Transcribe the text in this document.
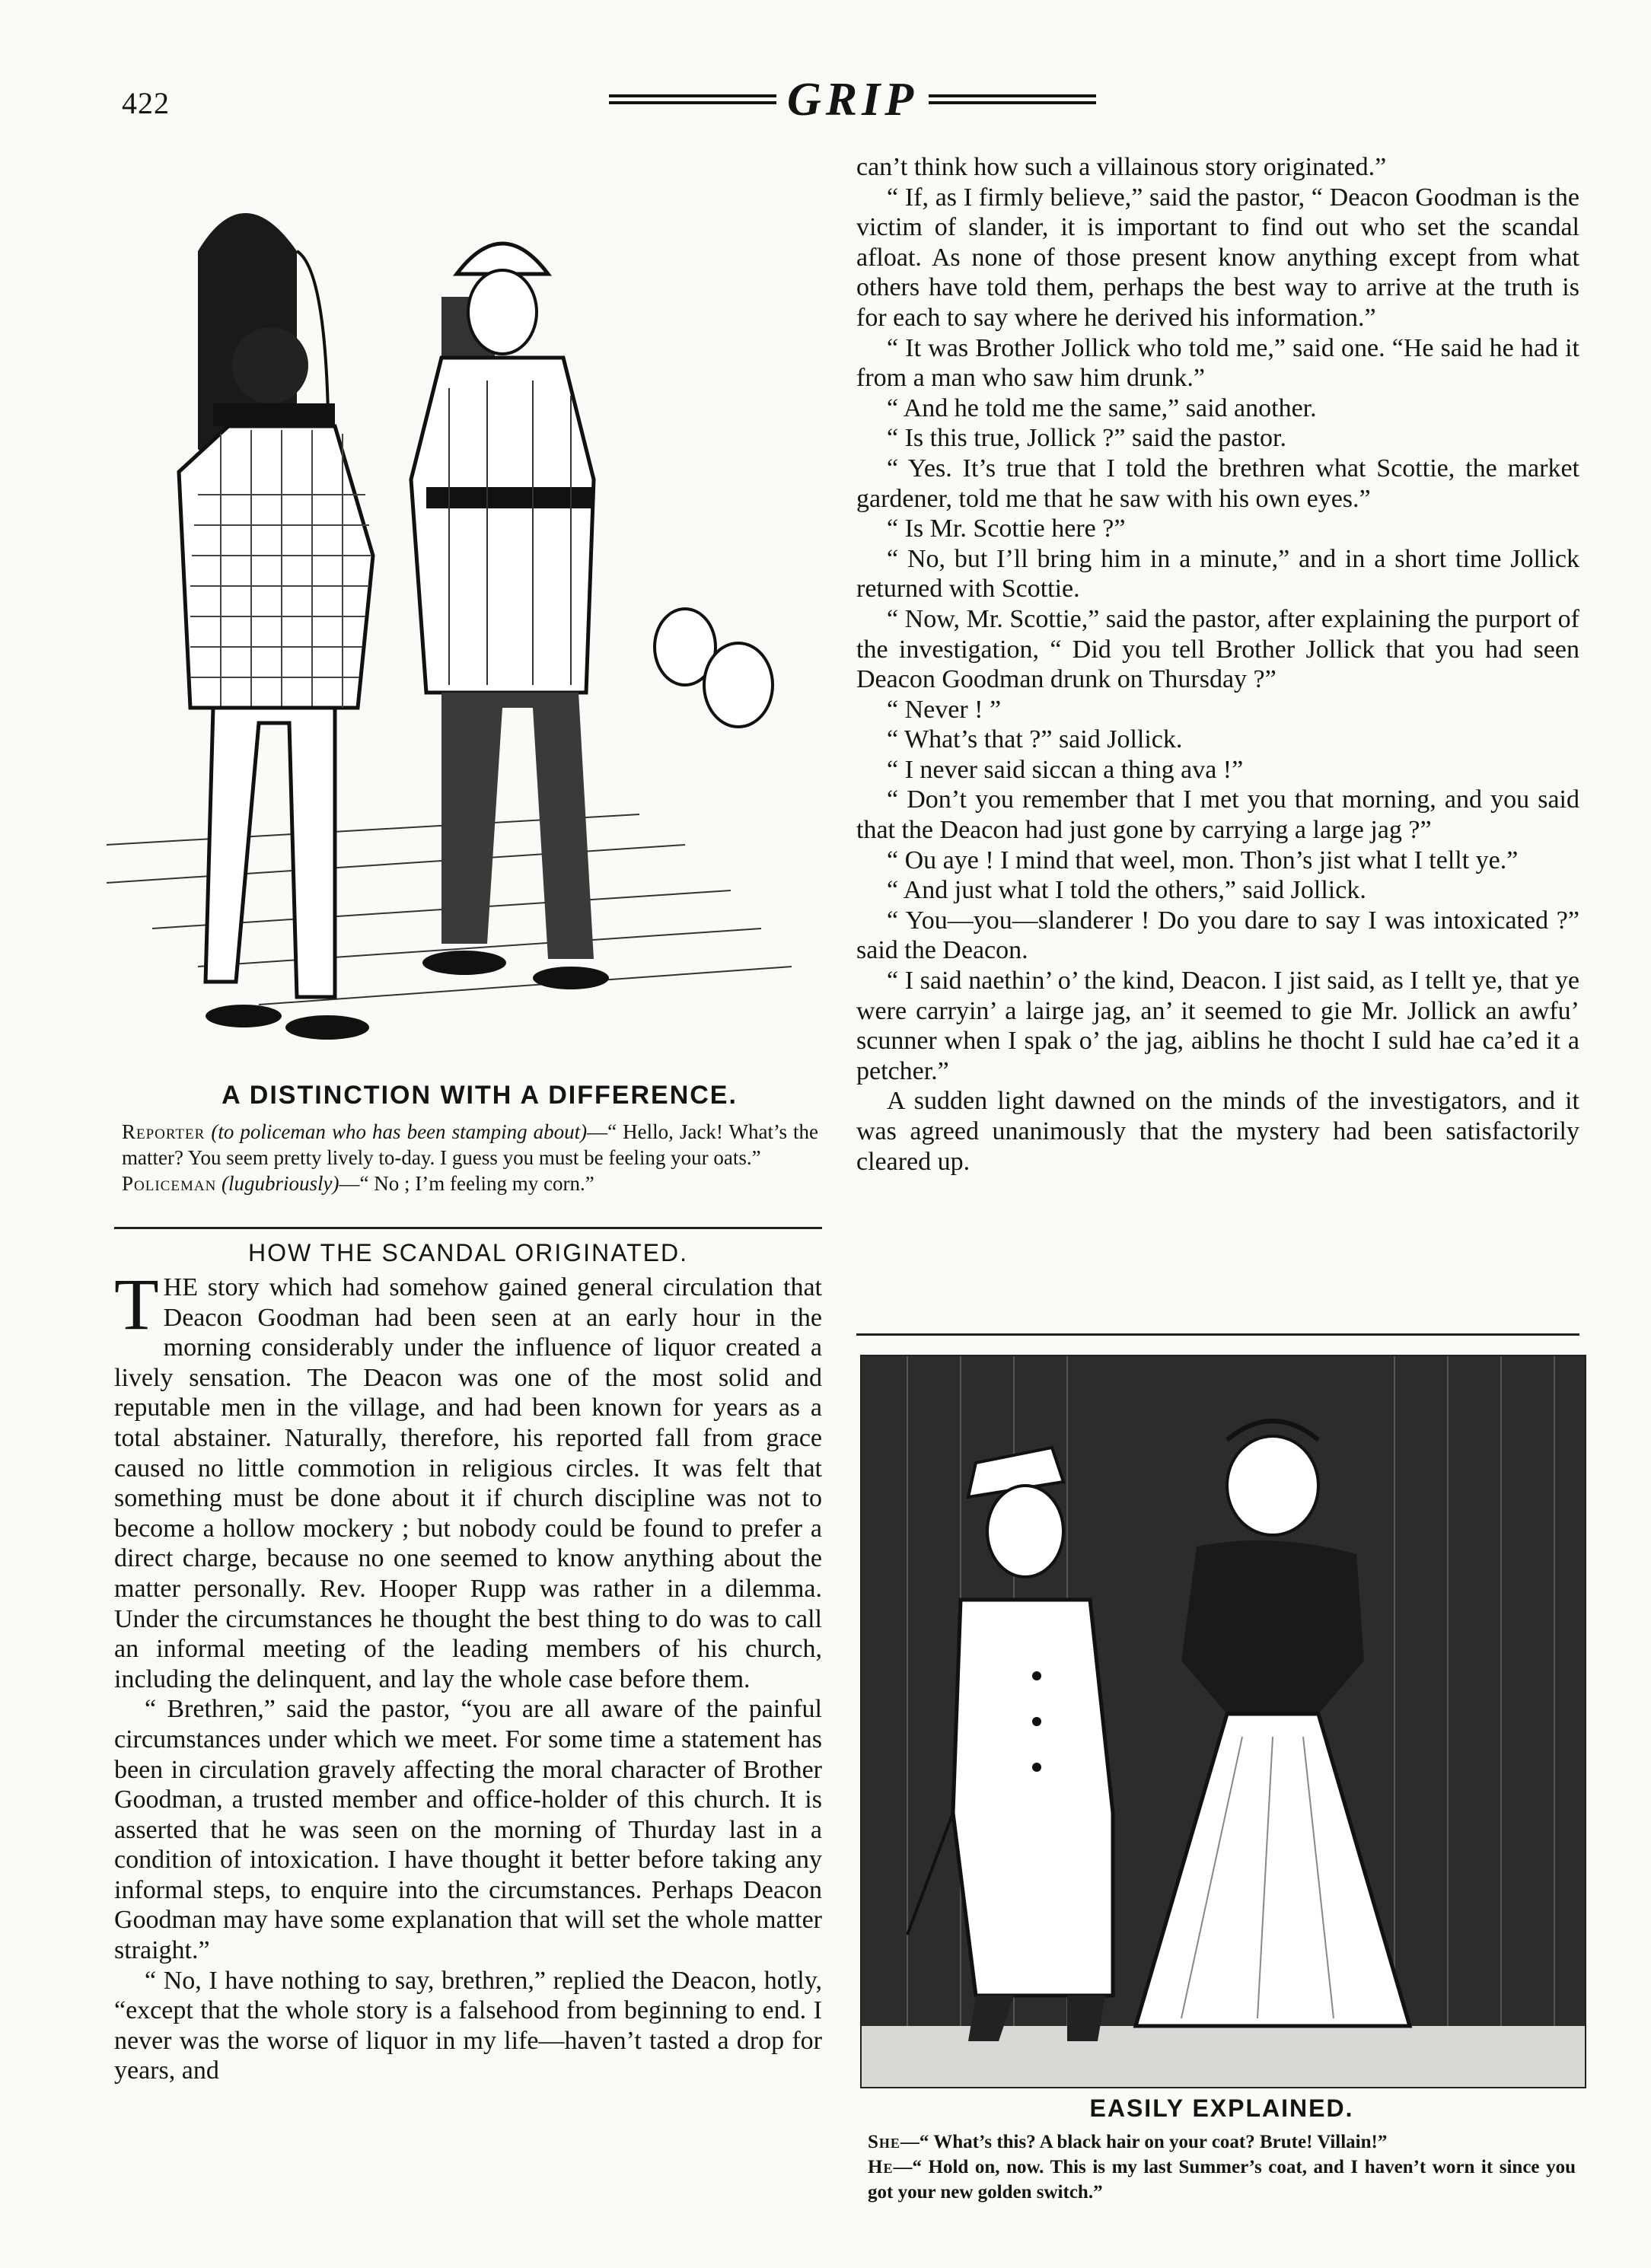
422	GRIP
A DISTINCTION WITH A DIFFERENCE.

Reporter (to policeman who has been stamping about)—“ Hello, Jack! What’s the matter? You seem pretty lively to-day. I guess you must be feeling your oats.”

Policeman (lugubriously)—“ No ; I’m feeling my corn.”

HOW THE SCANDAL ORIGINATED.

THE story which had somehow gained general circulation that Deacon Goodman had been seen at an early hour in the morning considerably under the influence of liquor created a lively sensation. The Deacon was one of the most solid and reputable men in the village, and had been known for years as a total abstainer. Naturally, therefore, his reported fall from grace caused no little commotion in religious circles. It was felt that something must be done about it if church discipline was not to become a hollow mockery ; but nobody could be found to prefer a direct charge, because no one seemed to know anything about the matter personally. Rev. Hooper Rupp was rather in a dilemma. Under the circumstances he thought the best thing to do was to call an informal meeting of the leading members of his church, including the delinquent, and lay the whole case before them.

“ Brethren,” said the pastor, “you are all aware of the painful circumstances under which we meet. For some time a statement has been in circulation gravely affecting the moral character of Brother Goodman, a trusted member and office-holder of this church. It is asserted that he was seen on the morning of Thurday last in a condition of intoxication. I have thought it better before taking any informal steps, to enquire into the circumstances. Perhaps Deacon Goodman may have some explanation that will set the whole matter straight.”

“ No, I have nothing to say, brethren,” replied the Deacon, hotly, “except that the whole story is a falsehood from beginning to end. I never was the worse of liquor in my life—haven’t tasted a drop for years, and

can’t think how such a villainous story originated.”

“ If, as I firmly believe,” said the pastor, “ Deacon Goodman is the victim of slander, it is important to find out who set the scandal afloat. As none of those present know anything except from what others have told them, perhaps the best way to arrive at the truth is for each to say where he derived his information.”

“ It was Brother Jollick who told me,” said one. “He said he had it from a man who saw him drunk.”

“ And he told me the same,” said another.

“ Is this true, Jollick ?” said the pastor.

“ Yes. It’s true that I told the brethren what Scottie, the market gardener, told me that he saw with his own eyes.”

“ Is Mr. Scottie here ?”

“ No, but I’ll bring him in a minute,” and in a short time Jollick returned with Scottie.

“ Now, Mr. Scottie,” said the pastor, after explaining the purport of the investigation, “ Did you tell Brother Jollick that you had seen Deacon Goodman drunk on Thursday ?”

“ Never ! ”

“ What’s that ?” said Jollick.

“ I never said siccan a thing ava !”

“ Don’t you remember that I met you that morning, and you said that the Deacon had just gone by carrying a large jag ?”

“ Ou aye ! I mind that weel, mon. Thon’s jist what I tellt ye.”

“ And just what I told the others,” said Jollick.

“ You—you—slanderer ! Do you dare to say I was intoxicated ?” said the Deacon.

“ I said naethin’ o’ the kind, Deacon. I jist said, as I tellt ye, that ye were carryin’ a lairge jag, an’ it seemed to gie Mr. Jollick an awfu’ scunner when I spak o’ the jag, aiblins he thocht I suld hae ca’ed it a petcher.”

A sudden light dawned on the minds of the investigators, and it was agreed unanimously that the mystery had been satisfactorily cleared up.

EASILY EXPLAINED.

She—“ What’s this? A black hair on your coat? Brute! Villain!”

He—“ Hold on, now. This is my last Summer’s coat, and I haven’t worn it since you got your new golden switch.”
